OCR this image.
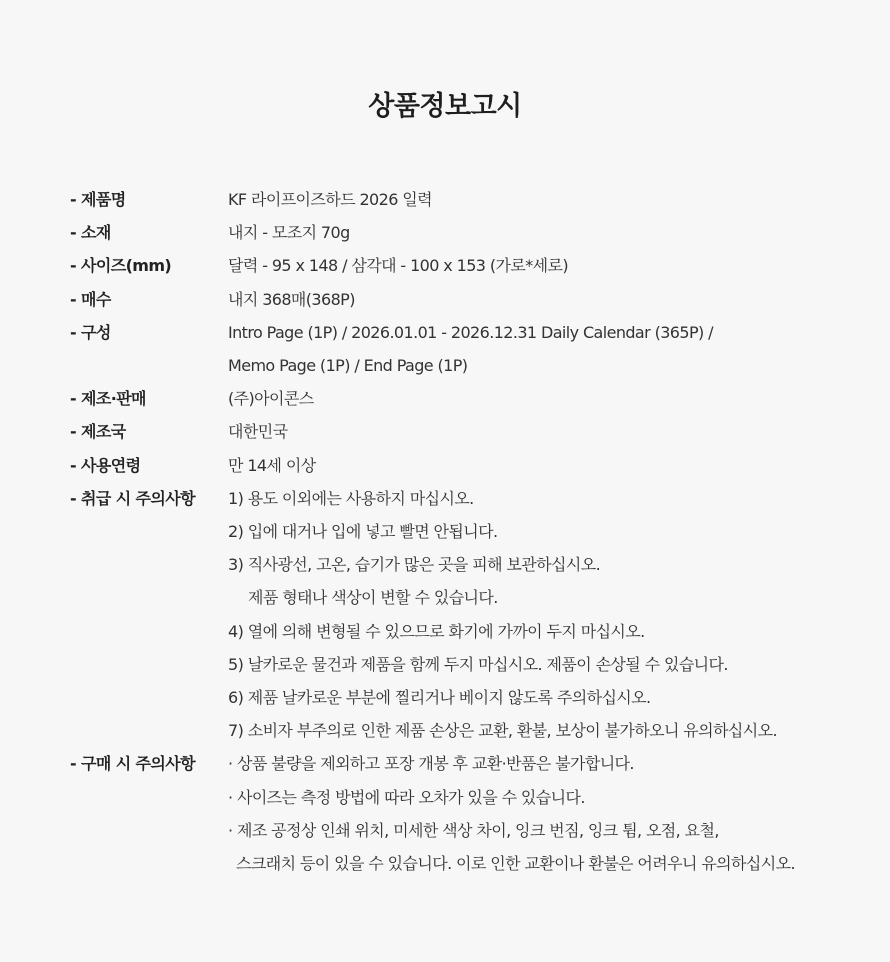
상품정보고시
- 제품명	KF 라이프이즈하드 2026 일력
- 소재	내지 - 모조지 70g
- 사이즈(mm)	달력 - 95 x 148 / 삼각대 - 100 x 153 (가로*세로)
- 매수	내지 368매(368P)
- 구성	Intro Page (1P) / 2026.01.01 - 2026.12.31 Daily Calendar (365P) /
Memo Page (1P) / End Page (1P)
- 제조·판매	(주)아이콘스
- 제조국	대한민국
- 사용연령	만 14세 이상
- 취급 시 주의사항	1) 용도 이외에는 사용하지 마십시오.
2) 입에 대거나 입에 넣고 빨면 안됩니다.
3) 직사광선, 고온, 습기가 많은 곳을 피해 보관하십시오.
제품 형태나 색상이 변할 수 있습니다.
4) 열에 의해 변형될 수 있으므로 화기에 가까이 두지 마십시오.
5) 날카로운 물건과 제품을 함께 두지 마십시오. 제품이 손상될 수 있습니다.
6) 제품 날카로운 부분에 찔리거나 베이지 않도록 주의하십시오.
7) 소비자 부주의로 인한 제품 손상은 교환, 환불, 보상이 불가하오니 유의하십시오.
- 구매 시 주의사항	· 상품 불량을 제외하고 포장 개봉 후 교환·반품은 불가합니다.
· 사이즈는 측정 방법에 따라 오차가 있을 수 있습니다.
· 제조 공정상 인쇄 위치, 미세한 색상 차이, 잉크 번짐, 잉크 튐, 오점, 요철,
스크래치 등이 있을 수 있습니다. 이로 인한 교환이나 환불은 어려우니 유의하십시오.
